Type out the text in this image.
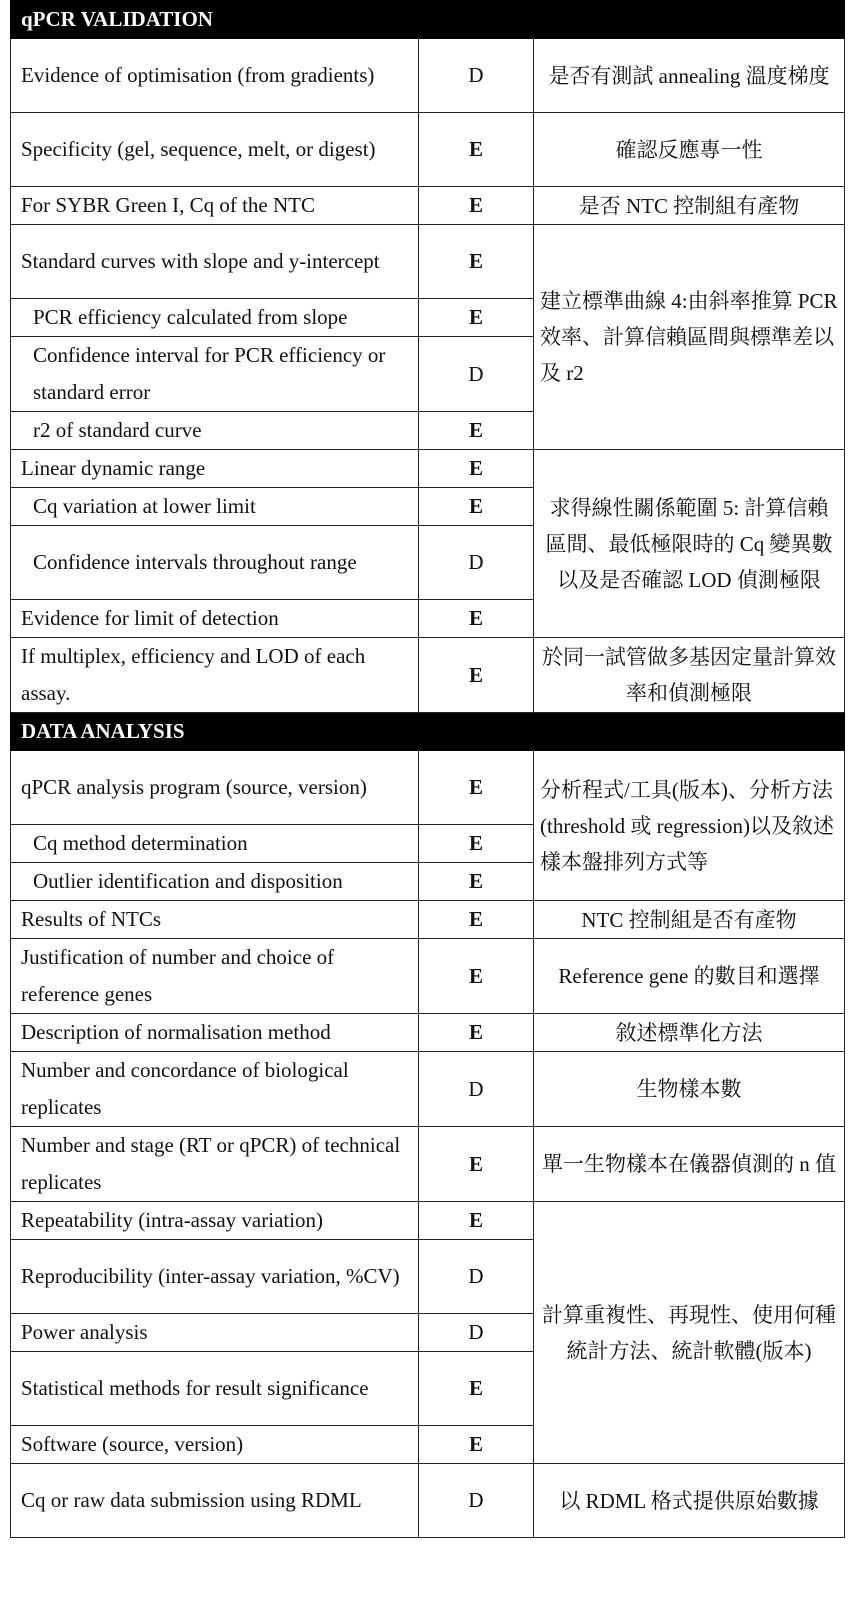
qPCR VALIDATION		
Evidence of optimisation (from gradients)	D	是否有測試 annealing 溫度梯度
Specificity (gel, sequence, melt, or digest)	E	確認反應專一性
For SYBR Green I, Cq of the NTC	E	是否 NTC 控制組有產物
Standard curves with slope and y-intercept	E	建立標準曲線 4:由斜率推算 PCR 效率、計算信賴區間與標準差以及 r2
PCR efficiency calculated from slope	E	
Confidence interval for PCR efficiency or standard error	D	
r2 of standard curve	E	
Linear dynamic range	E	求得線性關係範圍 5: 計算信賴區間、最低極限時的 Cq 變異數以及是否確認 LOD 偵測極限
Cq variation at lower limit	E	
Confidence intervals throughout range	D	
Evidence for limit of detection	E	
If multiplex, efficiency and LOD of each assay.	E	於同一試管做多基因定量計算效率和偵測極限
DATA ANALYSIS		
qPCR analysis program (source, version)	E	分析程式/工具(版本)、分析方法 (threshold 或 regression)以及敘述樣本盤排列方式等
Cq method determination	E	
Outlier identification and disposition	E	
Results of NTCs	E	NTC 控制組是否有產物
Justification of number and choice of reference genes	E	Reference gene 的數目和選擇
Description of normalisation method	E	敘述標準化方法
Number and concordance of biological replicates	D	生物樣本數
Number and stage (RT or qPCR) of technical replicates	E	單一生物樣本在儀器偵測的 n 值
Repeatability (intra-assay variation)	E	計算重複性、再現性、使用何種統計方法、統計軟體(版本)
Reproducibility (inter-assay variation, %CV)	D	
Power analysis	D	
Statistical methods for result significance	E	
Software (source, version)	E	
Cq or raw data submission using RDML	D	以 RDML 格式提供原始數據
